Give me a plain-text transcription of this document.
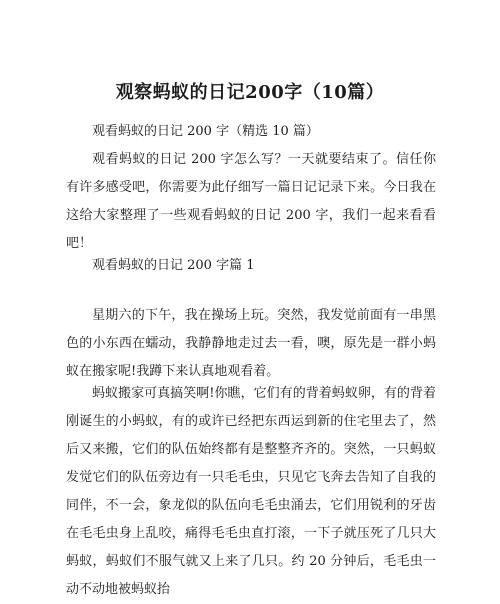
观察蚂蚁的日记200字（10篇）

观看蚂蚁的日记 200 字（精选 10 篇）

观看蚂蚁的日记 200 字怎么写？一天就要结束了。信任你有许多感受吧，你需要为此仔细写一篇日记记录下来。今日我在这给大家整理了一些观看蚂蚁的日记 200 字，我们一起来看看吧！

观看蚂蚁的日记 200 字篇 1

星期六的下午，我在操场上玩。突然，我发觉前面有一串黑色的小东西在蠕动，我静静地走过去一看，噢，原先是一群小蚂蚁在搬家呢!我蹲下来认真地观看着。

蚂蚁搬家可真搞笑啊!你瞧，它们有的背着蚂蚁卵，有的背着刚诞生的小蚂蚁，有的或许已经把东西运到新的住宅里去了，然后又来搬，它们的队伍始终都有是整整齐齐的。突然，一只蚂蚁发觉它们的队伍旁边有一只毛毛虫，只见它飞奔去告知了自我的同伴，不一会，象龙似的队伍向毛毛虫涌去，它们用锐利的牙齿在毛毛虫身上乱咬，痛得毛毛虫直打滚，一下子就压死了几只大蚂蚁，蚂蚁们不服气就又上来了几只。约 20 分钟后，毛毛虫一动不动地被蚂蚁抬
